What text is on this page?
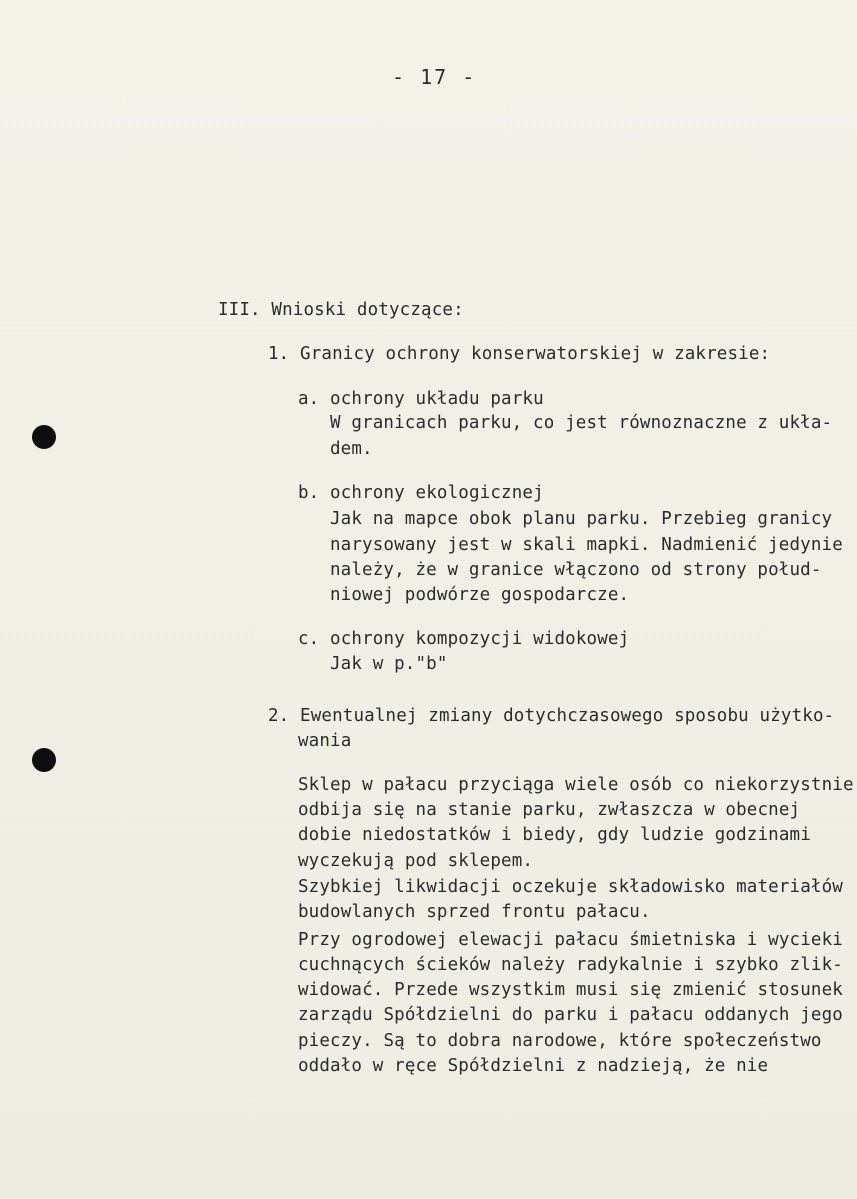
- 17 -
III. Wnioski dotyczące:
1. Granicy ochrony konserwatorskiej w zakresie:
a. ochrony układu parku
W granicach parku, co jest równoznaczne z ukła-
dem.
b. ochrony ekologicznej
Jak na mapce obok planu parku. Przebieg granicy
narysowany jest w skali mapki. Nadmienić jedynie
należy, że w granice włączono od strony połud-
niowej podwórze gospodarcze.
c. ochrony kompozycji widokowej
Jak w p."b"
2. Ewentualnej zmiany dotychczasowego sposobu użytko-
wania
Sklep w pałacu przyciąga wiele osób co niekorzystnie
odbija się na stanie parku, zwłaszcza w obecnej
dobie niedostatków i biedy, gdy ludzie godzinami
wyczekują pod sklepem.
Szybkiej likwidacji oczekuje składowisko materiałów
budowlanych sprzed frontu pałacu.
Przy ogrodowej elewacji pałacu śmietniska i wycieki
cuchnących ścieków należy radykalnie i szybko zlik-
widować. Przede wszystkim musi się zmienić stosunek
zarządu Spółdzielni do parku i pałacu oddanych jego
pieczy. Są to dobra narodowe, które społeczeństwo
oddało w ręce Spółdzielni z nadzieją, że nie
